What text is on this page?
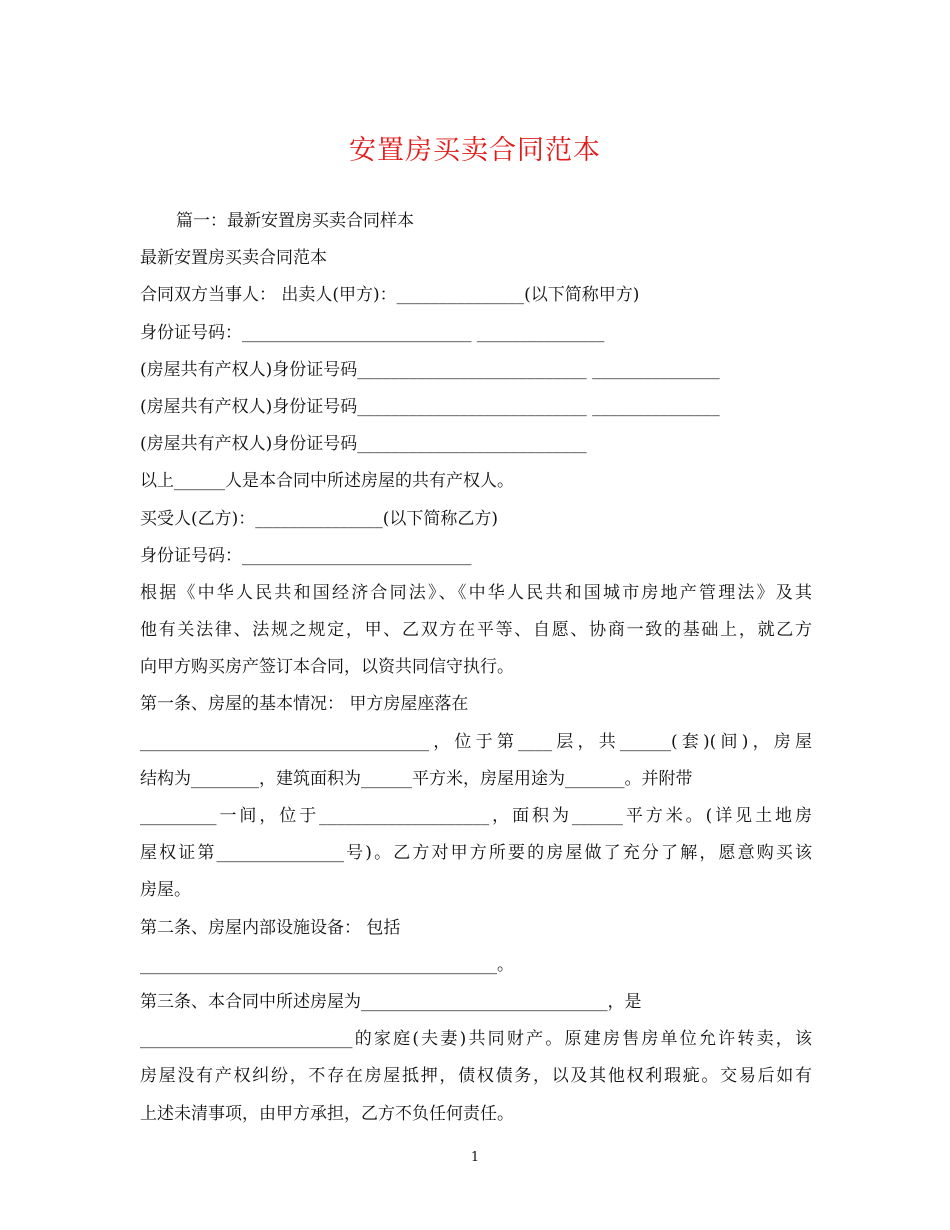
安置房买卖合同范本
篇一：最新安置房买卖合同样本
最新安置房买卖合同范本
合同双方当事人： 出卖人(甲方)：_______________(以下简称甲方)
身份证号码：___________________________ _______________
(房屋共有产权人)身份证号码___________________________ _______________
(房屋共有产权人)身份证号码___________________________ _______________
(房屋共有产权人)身份证号码___________________________
以上______人是本合同中所述房屋的共有产权人。
买受人(乙方)：_______________(以下简称乙方)
身份证号码：___________________________
根据《中华人民共和国经济合同法》、《中华人民共和国城市房地产管理法》及其
他有关法律、法规之规定，甲、乙双方在平等、自愿、协商一致的基础上，就乙方
向甲方购买房产签订本合同，以资共同信守执行。
第一条、房屋的基本情况： 甲方房屋座落在
__________________________________，位于第____层，共______(套)(间)，房屋
结构为________，建筑面积为______平方米，房屋用途为_______。并附带
_________一间，位于____________________，面积为______平方米。(详见土地房
屋权证第_______________号)。乙方对甲方所要的房屋做了充分了解，愿意购买该
房屋。
第二条、房屋内部设施设备： 包括
__________________________________________。
第三条、本合同中所述房屋为_____________________________，是
_________________________的家庭(夫妻)共同财产。原建房售房单位允许转卖，该
房屋没有产权纠纷，不存在房屋抵押，债权债务，以及其他权利瑕疵。交易后如有
上述未清事项，由甲方承担，乙方不负任何责任。
1
